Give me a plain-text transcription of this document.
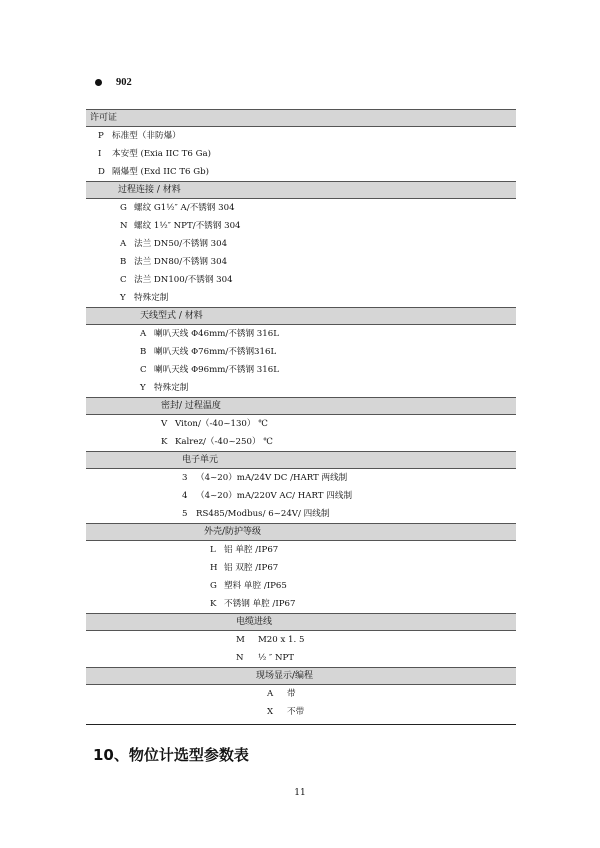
902
许可证
P 标准型（非防爆）
I 本安型 (Exia IIC T6 Ga)
D 隔爆型 (Exd IIC T6 Gb)
过程连接 / 材料
G 螺纹 G1½″ A/不锈钢 304
N 螺纹 1½″ NPT/不锈钢 304
A 法兰 DN50/不锈钢 304
B 法兰 DN80/不锈钢 304
C 法兰 DN100/不锈钢 304
Y 特殊定制
天线型式 / 材料
A 喇叭天线 Φ46mm/不锈钢 316L
B 喇叭天线 Φ76mm/不锈钢316L
C 喇叭天线 Φ96mm/不锈钢 316L
Y 特殊定制
密封/ 过程温度
V Viton/（-40~130） ℃
K Kalrez/（-40~250） ℃
电子单元
3 （4~20）mA/24V DC /HART 两线制
4 （4~20）mA/220V AC/ HART 四线制
5 RS485/Modbus/ 6~24V/ 四线制
外壳/防护等级
L 铝 单腔 /IP67
H 铝 双腔 /IP67
G 塑料 单腔 /IP65
K 不锈钢 单腔 /IP67
电缆进线
M M20 x 1. 5
N ½ ″ NPT
现场显示/编程
A 带
X 不带
10、物位计选型参数表
11
